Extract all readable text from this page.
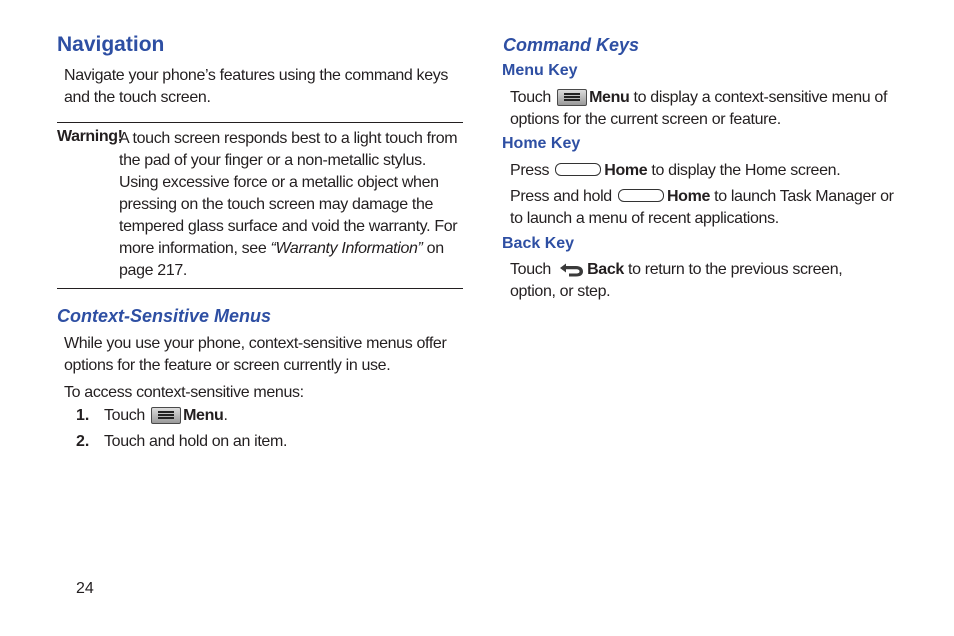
Navigation

Navigate your phone’s features using the command keys and the touch screen.

Warning!
A touch screen responds best to a light touch from the pad of your finger or a non-metallic stylus. Using excessive force or a metallic object when pressing on the touch screen may damage the tempered glass surface and void the warranty. For more information, see “Warranty Information” on page 217.
Context-Sensitive Menus

While you use your phone, context-sensitive menus offer options for the feature or screen currently in use.

To access context-sensitive menus:

1. Touch Menu.
2. Touch and hold on an item.
Command Keys
Menu Key

Touch Menu to display a context-sensitive menu of options for the current screen or feature.

Home Key

Press	Home to display the Home screen.

Press and hold	Home to launch Task Manager or to launch a menu of recent applications.

Back Key

Touch Back to return to the previous screen, option, or step.

24
